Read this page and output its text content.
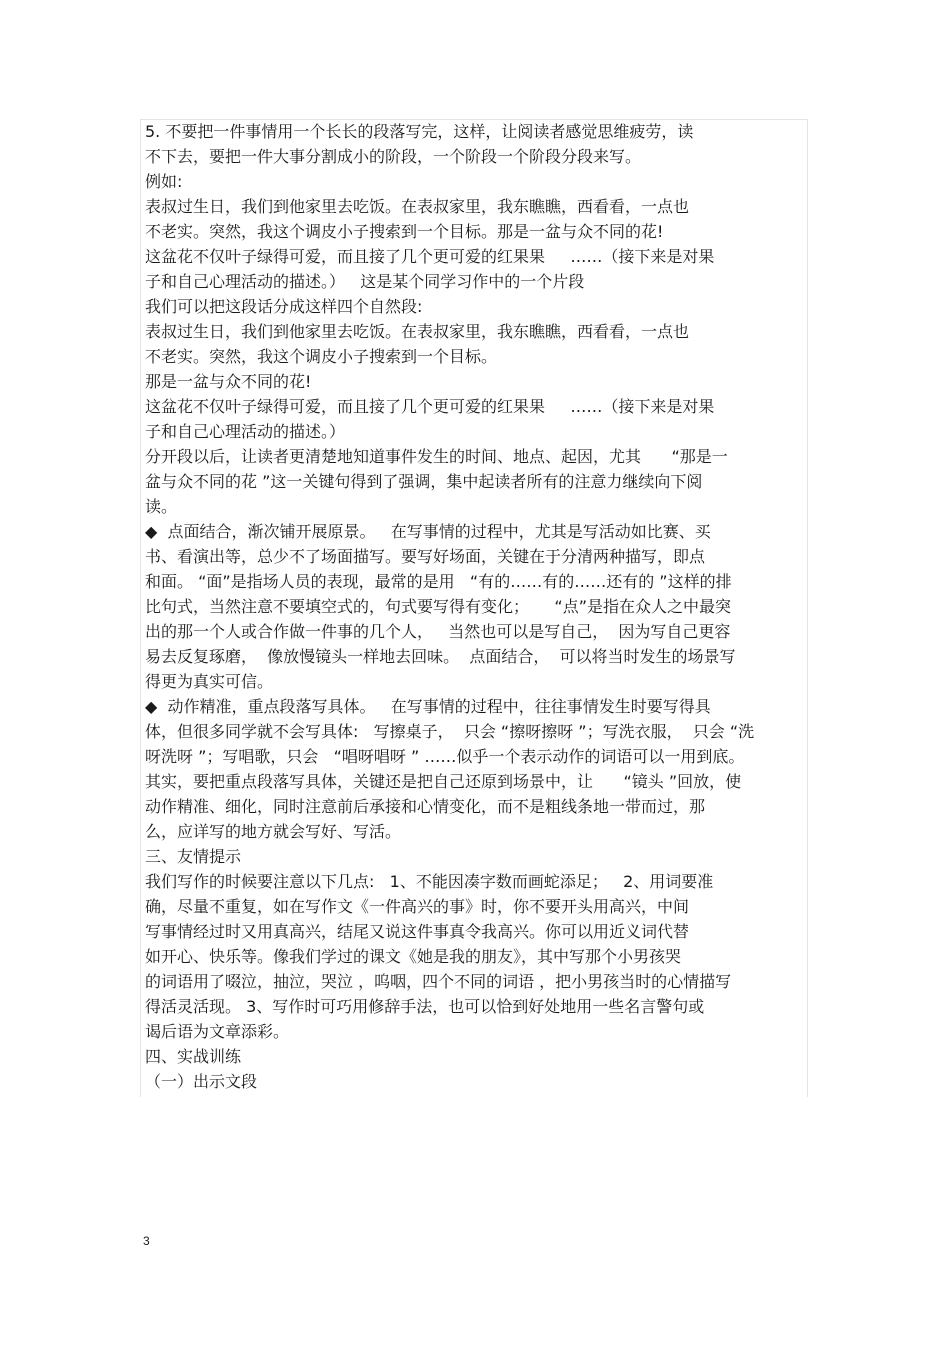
5. 不要把一件事情用一个长长的段落写完，这样，让阅读者感觉思维疲劳，读
不下去，要把一件大事分割成小的阶段，一个阶段一个阶段分段来写。
例如:
表叔过生日，我们到他家里去吃饭。在表叔家里，我东瞧瞧，西看看，一点也
不老实。突然，我这个调皮小子搜索到一个目标。那是一盆与众不同的花!
这盆花不仅叶子绿得可爱，而且接了几个更可爱的红果果     ……（接下来是对果
子和自己心理活动的描述。）   这是某个同学习作中的一个片段
我们可以把这段话分成这样四个自然段:
表叔过生日，我们到他家里去吃饭。在表叔家里，我东瞧瞧，西看看，一点也
不老实。突然，我这个调皮小子搜索到一个目标。
那是一盆与众不同的花!
这盆花不仅叶子绿得可爱，而且接了几个更可爱的红果果     ……（接下来是对果
子和自己心理活动的描述。）
分开段以后，让读者更清楚地知道事件发生的时间、地点、起因，尤其      “那是一
盆与众不同的花 ”这一关键句得到了强调，集中起读者所有的注意力继续向下阅
读。
◆  点面结合，渐次铺开展原景。   在写事情的过程中，尤其是写活动如比赛、买
书、看演出等，总少不了场面描写。要写好场面，关键在于分清两种描写，即点
和面。 “面”是指场人员的表现，最常的是用   “有的……有的……还有的 ”这样的排
比句式，当然注意不要填空式的，句式要写得有变化；     “点”是指在众人之中最突
出的那一个人或合作做一件事的几个人，   当然也可以是写自己，  因为写自己更容
易去反复琢磨，  像放慢镜头一样地去回味。  点面结合，  可以将当时发生的场景写
得更为真实可信。
◆  动作精准，重点段落写具体。   在写事情的过程中，往往事情发生时要写得具
体，但很多同学就不会写具体:   写擦桌子，  只会 “擦呀擦呀 ”；写洗衣服，  只会 “洗
呀洗呀 ”；写唱歌，只会   “唱呀唱呀 ” ……似乎一个表示动作的词语可以一用到底。
其实，要把重点段落写具体，关键还是把自己还原到场景中，让      “镜头 ”回放，使
动作精准、细化，同时注意前后承接和心情变化，而不是粗线条地一带而过，那
么，应详写的地方就会写好、写活。
三、友情提示
我们写作的时候要注意以下几点:   1、不能因凑字数而画蛇添足；   2、用词要准
确，尽量不重复，如在写作文《一件高兴的事》时，你不要开头用高兴，中间
写事情经过时又用真高兴，结尾又说这件事真令我高兴。你可以用近义词代替
如开心、快乐等。像我们学过的课文《她是我的朋友》，其中写那个小男孩哭
的词语用了啜泣，抽泣，哭泣 ，呜咽，四个不同的词语 ，把小男孩当时的心情描写
得活灵活现。 3、写作时可巧用修辞手法，也可以恰到好处地用一些名言警句或
谒后语为文章添彩。
四、实战训练
（一）出示文段
3
